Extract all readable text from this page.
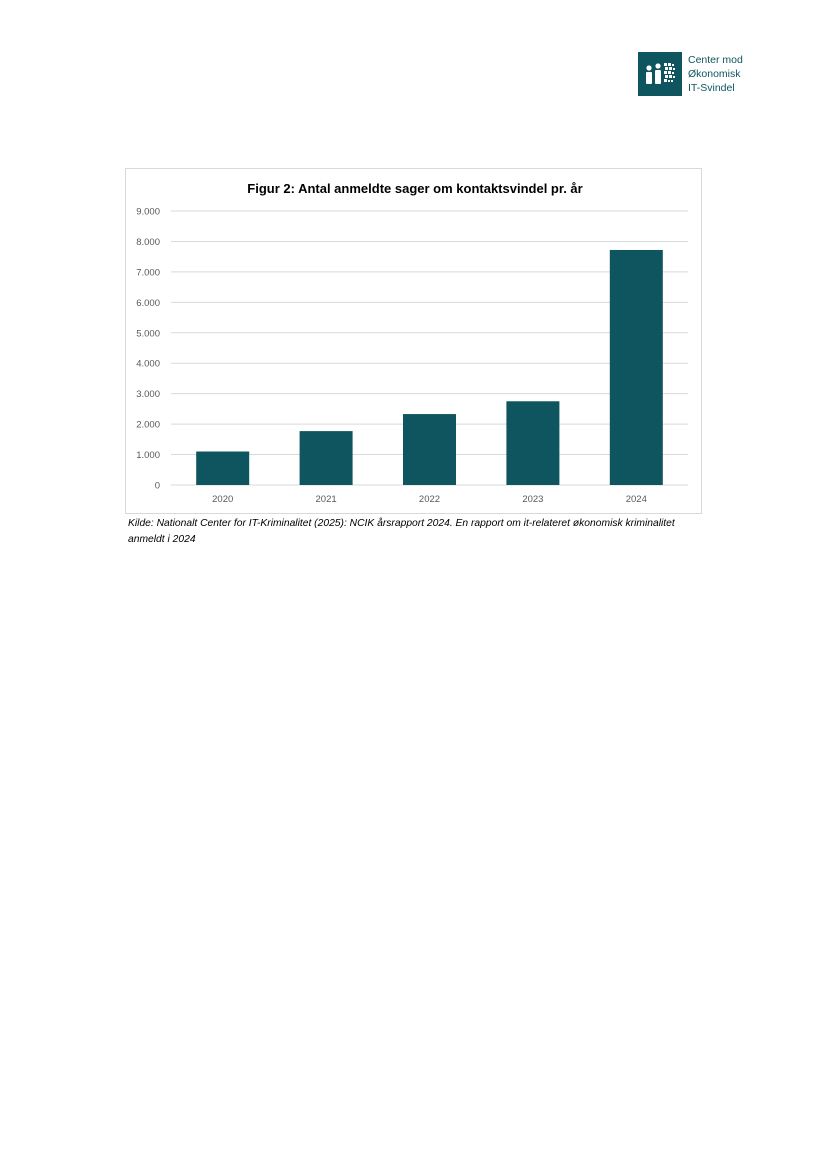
Center mod
Økonomisk
IT-Svindel
Figur 2: Antal anmeldte sager om kontaktsvindel pr. år
0
1.000
2.000
3.000
4.000
5.000
6.000
7.000
8.000
9.000
2020	2021	2022	2023	2024
Kilde: Nationalt Center for IT-Kriminalitet (2025): NCIK årsrapport 2024. En rapport om it-relateret økonomisk kriminalitet anmeldt i 2024
